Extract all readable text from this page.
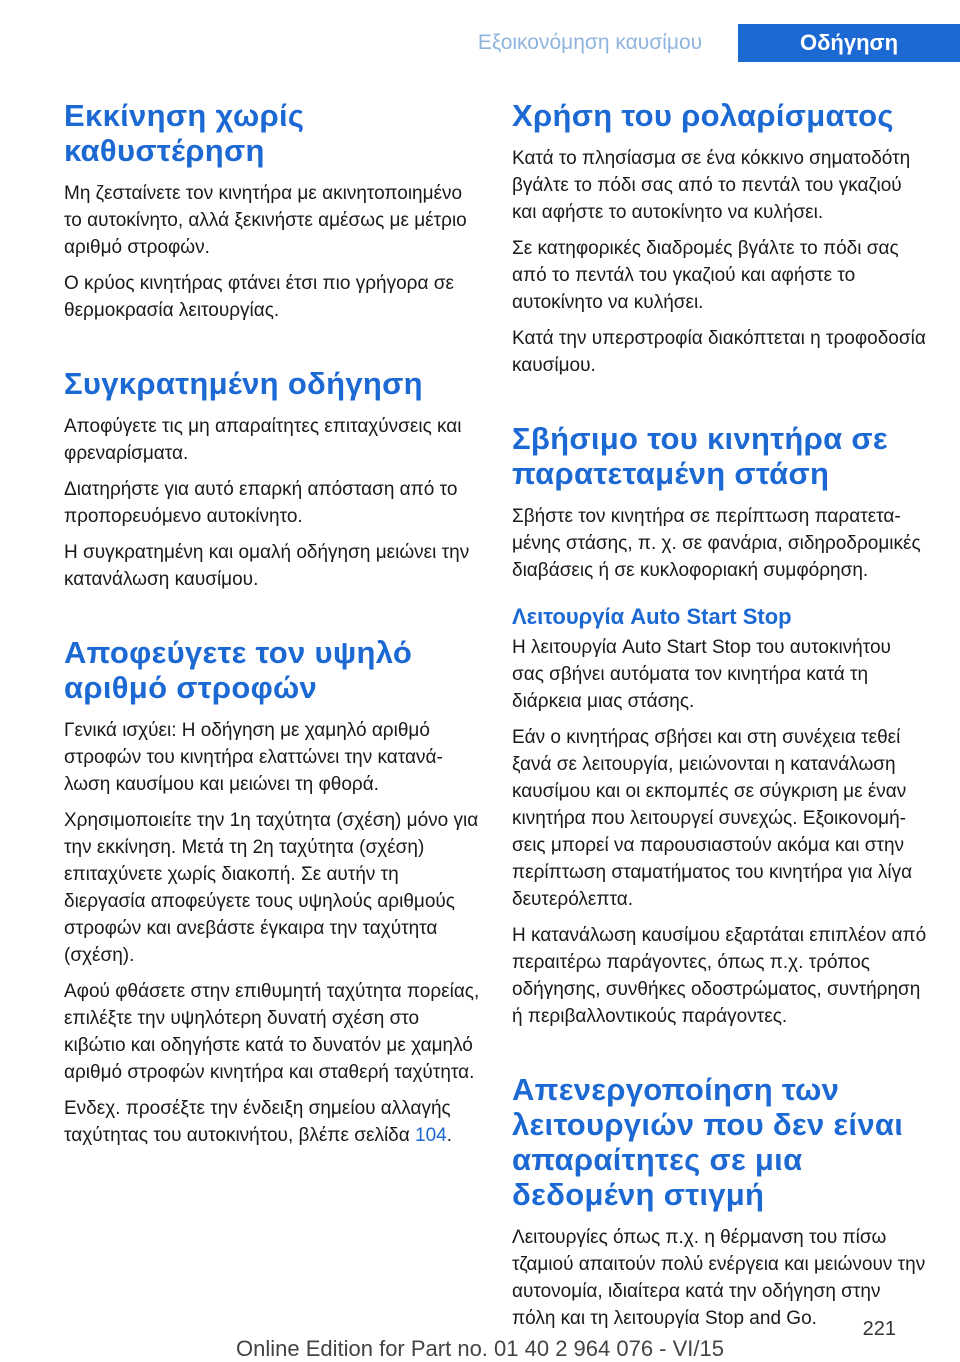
Εξοικονόμηση καυσίμου	Οδήγηση
Εκκίνηση χωρίς καθυστέρηση

Μη ζεσταίνετε τον κινητήρα με ακινητοποιημένο το αυτοκίνητο, αλλά ξεκινήστε αμέσως με μέτριο αριθμό στροφών.

Ο κρύος κινητήρας φτάνει έτσι πιο γρήγορα σε θερμοκρασία λειτουργίας.

Συγκρατημένη οδήγηση

Αποφύγετε τις μη απαραίτητες επιταχύνσεις και φρεναρίσματα.

Διατηρήστε για αυτό επαρκή απόσταση από το προπορευόμενο αυτοκίνητο.

Η συγκρατημένη και ομαλή οδήγηση μειώνει την κατανάλωση καυσίμου.

Αποφεύγετε τον υψηλό αριθμό στροφών

Γενικά ισχύει: Η οδήγηση με χαμηλό αριθμό στροφών του κινητήρα ελαττώνει την κατανάλωση καυσίμου και μειώνει τη φθορά.

Χρησιμοποιείτε την 1η ταχύτητα (σχέση) μόνο για την εκκίνηση. Μετά τη 2η ταχύτητα (σχέση) επιταχύνετε χωρίς διακοπή. Σε αυτήν τη διεργασία αποφεύγετε τους υψηλούς αριθμούς στροφών και ανεβάστε έγκαιρα την ταχύτητα (σχέση).

Αφού φθάσετε στην επιθυμητή ταχύτητα πορείας, επιλέξτε την υψηλότερη δυνατή σχέση στο κιβώτιο και οδηγήστε κατά το δυνατόν με χαμηλό αριθμό στροφών κινητήρα και σταθερή ταχύτητα.

Ενδεχ. προσέξτε την ένδειξη σημείου αλλαγής ταχύτητας του αυτοκινήτου, βλέπε σελίδα 104.

Χρήση του ρολαρίσματος

Κατά το πλησίασμα σε ένα κόκκινο σηματοδότη βγάλτε το πόδι σας από το πεντάλ του γκαζιού και αφήστε το αυτοκίνητο να κυλήσει.

Σε κατηφορικές διαδρομές βγάλτε το πόδι σας από το πεντάλ του γκαζιού και αφήστε το αυτοκίνητο να κυλήσει.

Κατά την υπερστροφία διακόπτεται η τροφοδοσία καυσίμου.

Σβήσιμο του κινητήρα σε παρατεταμένη στάση

Σβήστε τον κινητήρα σε περίπτωση παρατεταμένης στάσης, π. χ. σε φανάρια, σιδηροδρομικές διαβάσεις ή σε κυκλοφοριακή συμφόρηση.

Λειτουργία Auto Start Stop

Η λειτουργία Auto Start Stop του αυτοκινήτου σας σβήνει αυτόματα τον κινητήρα κατά τη διάρκεια μιας στάσης.

Εάν ο κινητήρας σβήσει και στη συνέχεια τεθεί ξανά σε λειτουργία, μειώνονται η κατανάλωση καυσίμου και οι εκπομπές σε σύγκριση με έναν κινητήρα που λειτουργεί συνεχώς. Εξοικονομήσεις μπορεί να παρουσιαστούν ακόμα και στην περίπτωση σταματήματος του κινητήρα για λίγα δευτερόλεπτα.

Η κατανάλωση καυσίμου εξαρτάται επιπλέον από περαιτέρω παράγοντες, όπως π.χ. τρόπος οδήγησης, συνθήκες οδοστρώματος, συντήρηση ή περιβαλλοντικούς παράγοντες.

Απενεργοποίηση των λειτουργιών που δεν είναι απαραίτητες σε μια δεδομένη στιγμή

Λειτουργίες όπως π.χ. η θέρμανση του πίσω τζαμιού απαιτούν πολύ ενέργεια και μειώνουν την αυτονομία, ιδιαίτερα κατά την οδήγηση στην πόλη και τη λειτουργία Stop and Go.	221
Online Edition for Part no. 01 40 2 964 076 - VI/15
